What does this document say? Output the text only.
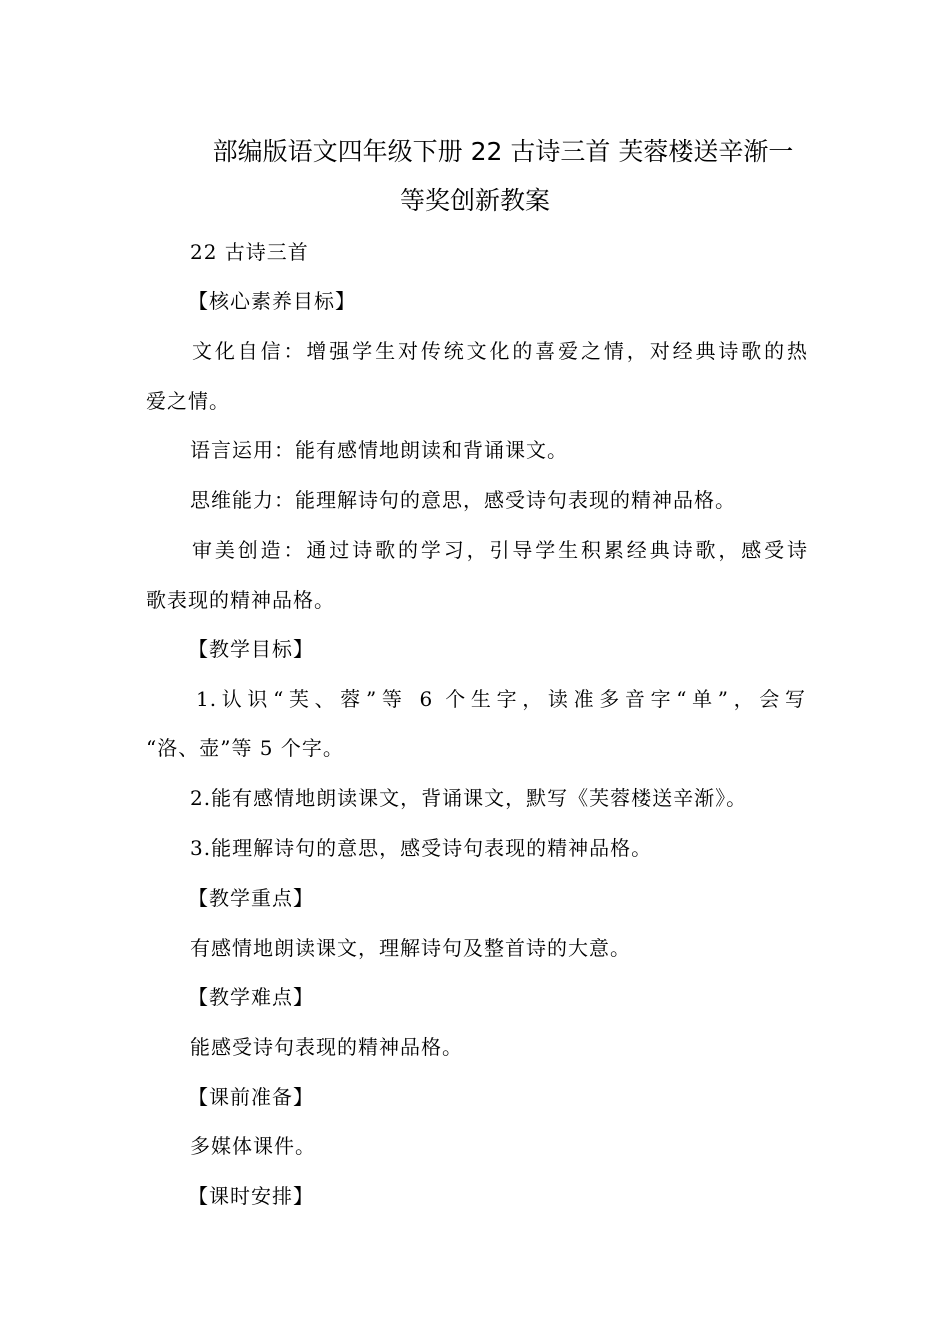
部编版语文四年级下册 22 古诗三首 芙蓉楼送辛渐一
等奖创新教案
22 古诗三首
【核心素养目标】
文化自信：增强学生对传统文化的喜爱之情，对经典诗歌的热
爱之情。
语言运用：能有感情地朗读和背诵课文。
思维能力：能理解诗句的意思，感受诗句表现的精神品格。
审美创造：通过诗歌的学习，引导学生积累经典诗歌，感受诗
歌表现的精神品格。
【教学目标】
1.认识“芙、蓉”等 6 个生字，读准多音字“单”，会写
“洛、壶”等 5 个字。
2.能有感情地朗读课文，背诵课文，默写《芙蓉楼送辛渐》。
3.能理解诗句的意思，感受诗句表现的精神品格。
【教学重点】
有感情地朗读课文，理解诗句及整首诗的大意。
【教学难点】
能感受诗句表现的精神品格。
【课前准备】
多媒体课件。
【课时安排】
